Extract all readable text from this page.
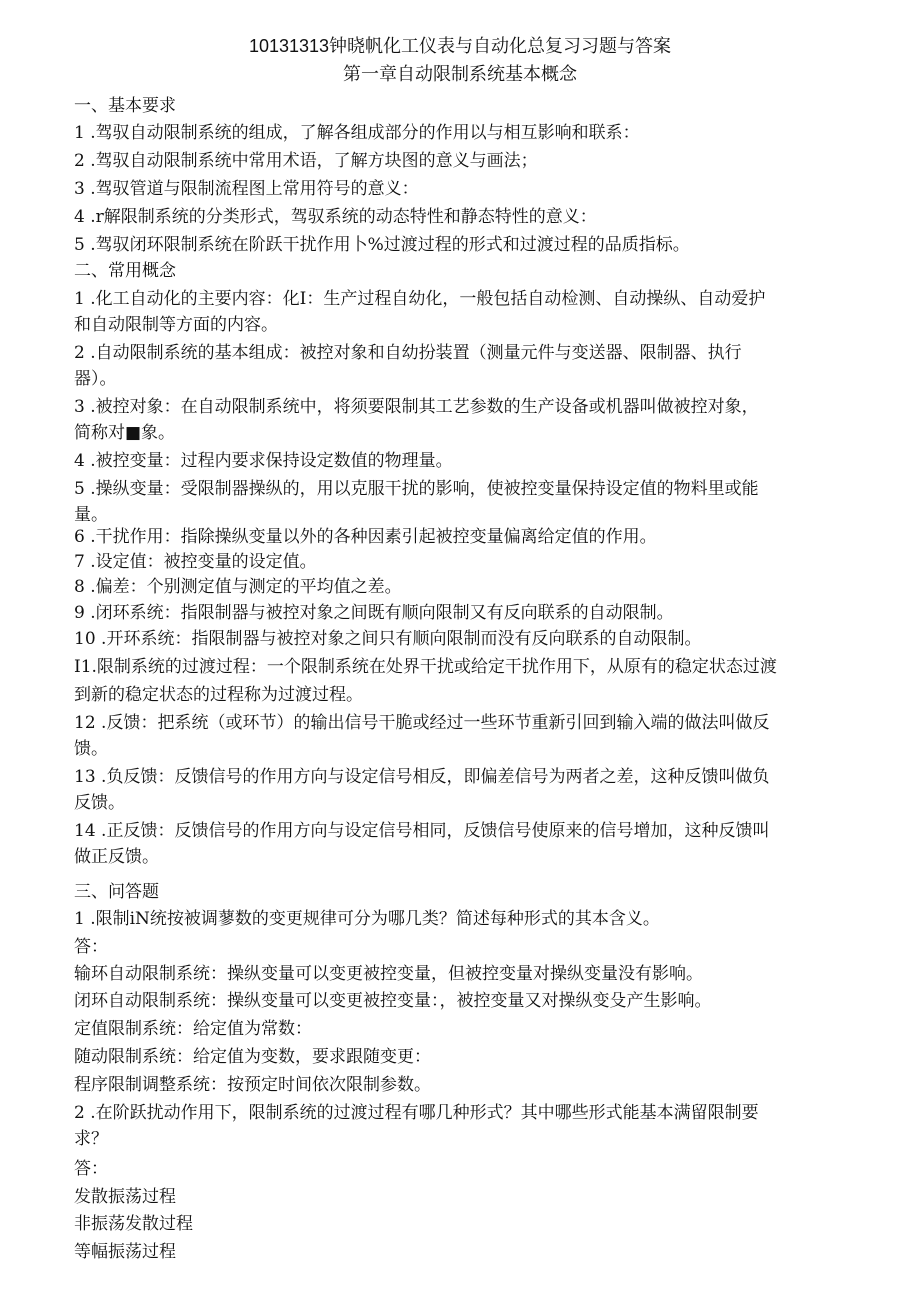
10131313钟晓帆化工仪表与自动化总复习习题与答案
第一章自动限制系统基本概念
一、基本要求
1 .驾驭自动限制系统的组成，了解各组成部分的作用以与相互影响和联系：
2 .驾驭自动限制系统中常用术语，了解方块图的意义与画法；
3 .驾驭管道与限制流程图上常用符号的意义：
4 .r解限制系统的分类形式，驾驭系统的动态特性和静态特性的意义：
5 .驾驭闭环限制系统在阶跃干扰作用卜%过渡过程的形式和过渡过程的品质指标。
二、常用概念
1 .化工自动化的主要内容：化I：生产过程自幼化，一般包括自动检测、自动操纵、自动爱护
和自动限制等方面的内容。
2 .自动限制系统的基本组成：被控对象和自幼扮装置（测量元件与变送器、限制器、执行
器）。
3 .被控对象：在自动限制系统中，将须要限制其工艺参数的生产设备或机器叫做被控对象，
简称对■象。
4 .被控变量：过程内要求保持设定数值的物理量。
5 .操纵变量：受限制器操纵的，用以克服干扰的影响，使被控变量保持设定值的物料里或能
量。
6 .干扰作用：指除操纵变量以外的各种因素引起被控变量偏离给定值的作用。
7 .设定值：被控变量的设定值。
8 .偏差：个别测定值与测定的平均值之差。
9 .闭环系统：指限制器与被控对象之间既有顺向限制又有反向联系的自动限制。
10 .开环系统：指限制器与被控对象之间只有顺向限制而没有反向联系的自动限制。
I1.限制系统的过渡过程：一个限制系统在处界干扰或给定干扰作用下，从原有的稳定状态过渡
到新的稳定状态的过程称为过渡过程。
12 .反馈：把系统（或环节）的输出信号干脆或经过一些环节重新引回到输入端的做法叫做反
馈。
13 .负反馈：反馈信号的作用方向与设定信号相反，即偏差信号为两者之差，这种反馈叫做负
反馈。
14 .正反馈：反馈信号的作用方向与设定信号相同，反馈信号使原来的信号增加，这种反馈叫
做正反馈。
三、问答题
1 .限制iN统按被调蓼数的变更规律可分为哪几类？简述每种形式的其本含义。
答：
输环自动限制系统：操纵变量可以变更被控变量，但被控变量对操纵变量没有影响。
闭环自动限制系统：操纵变量可以变更被控变量：，被控变量又对操纵变殳产生影响。
定值限制系统：给定值为常数：
随动限制系统：给定值为变数，要求跟随变更：
程序限制调整系统：按预定时间依次限制参数。
2 .在阶跃扰动作用下，限制系统的过渡过程有哪几种形式？其中哪些形式能基本满留限制要
求？
答：
发散振荡过程
非振荡发散过程
等幅振荡过程
